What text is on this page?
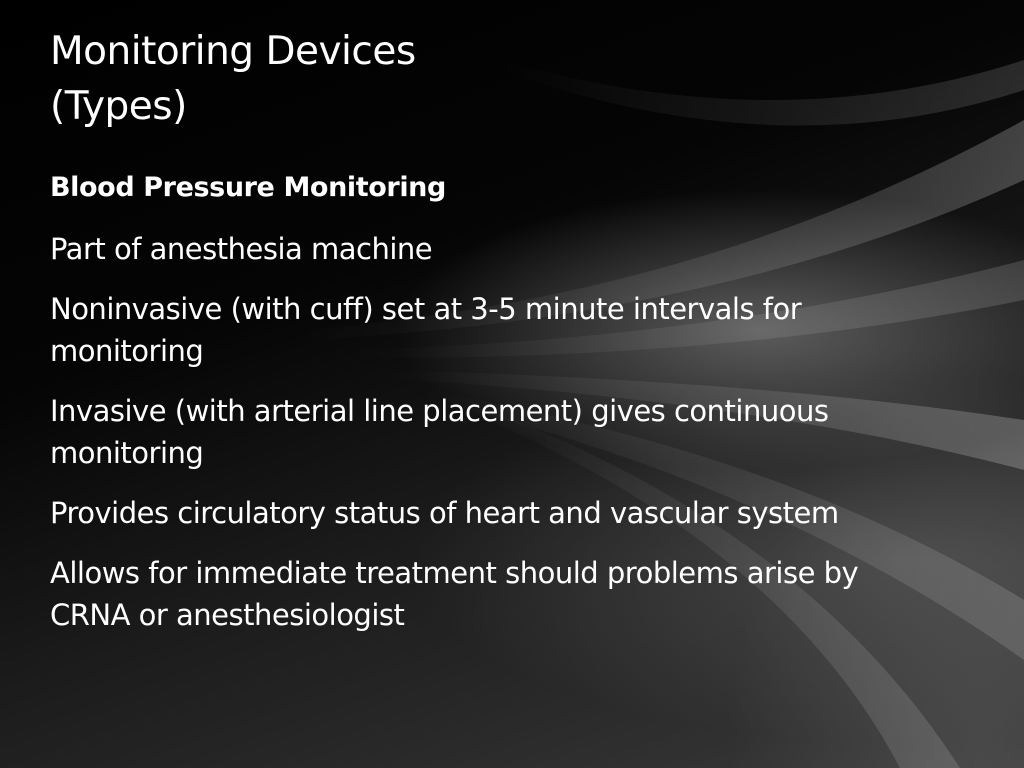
Monitoring Devices
(Types)

Blood Pressure Monitoring

Part of anesthesia machine

Noninvasive (with cuff) set at 3-5 minute intervals for monitoring

Invasive (with arterial line placement) gives continuous monitoring

Provides circulatory status of heart and vascular system

Allows for immediate treatment should problems arise by CRNA or anesthesiologist
